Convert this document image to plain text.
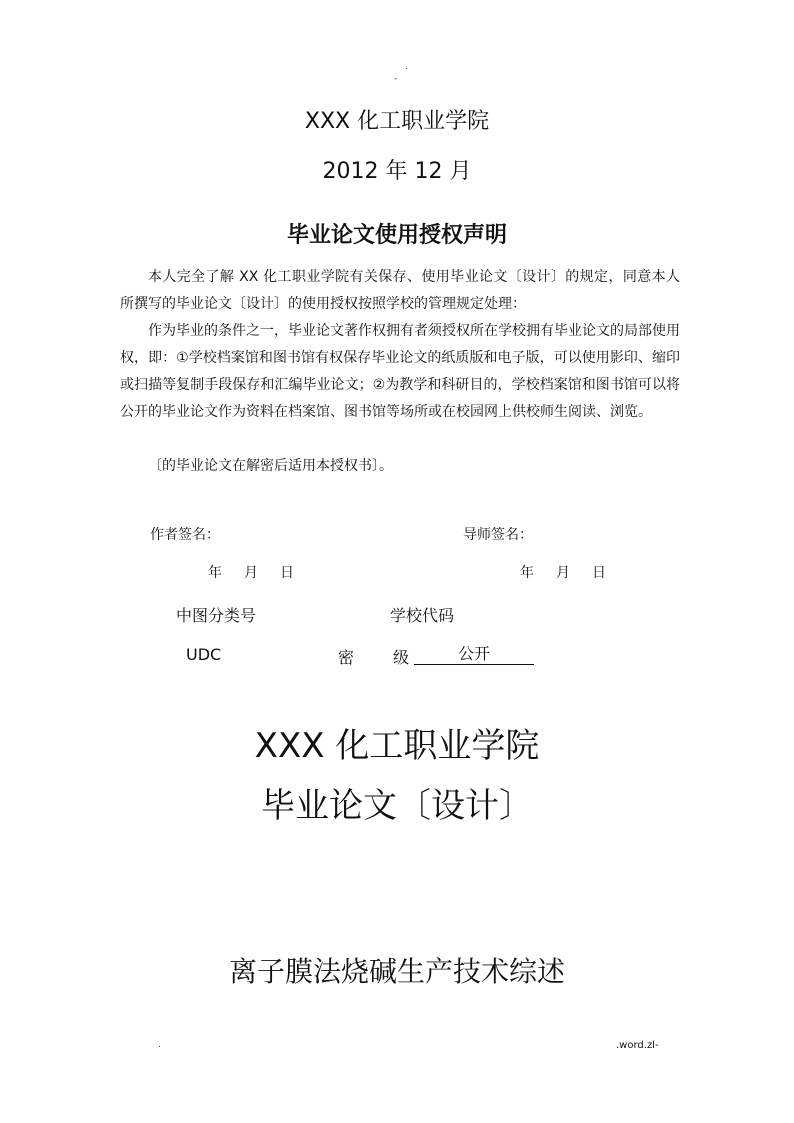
.
-
XXX 化工职业学院
2012 年 12 月
毕业论文使用授权声明
本人完全了解 XX 化工职业学院有关保存、使用毕业论文〔设计〕的规定，同意本人所撰写的毕业论文〔设计〕的使用授权按照学校的管理规定处理：
作为毕业的条件之一，毕业论文著作权拥有者须授权所在学校拥有毕业论文的局部使用权，即：①学校档案馆和图书馆有权保存毕业论文的纸质版和电子版，可以使用影印、缩印或扫描等复制手段保存和汇编毕业论文；②为教学和科研目的，学校档案馆和图书馆可以将公开的毕业论文作为资料在档案馆、图书馆等场所或在校园网上供校师生阅读、浏览。
〔的毕业论文在解密后适用本授权书〕。
作者签名：	导师签名：
年 月 日	年 月 日
中图分类号	学校代码
UDC	密 级	公开
XXX 化工职业学院
毕业论文〔设计〕
离子膜法烧碱生产技术综述
.	.word.zl-
